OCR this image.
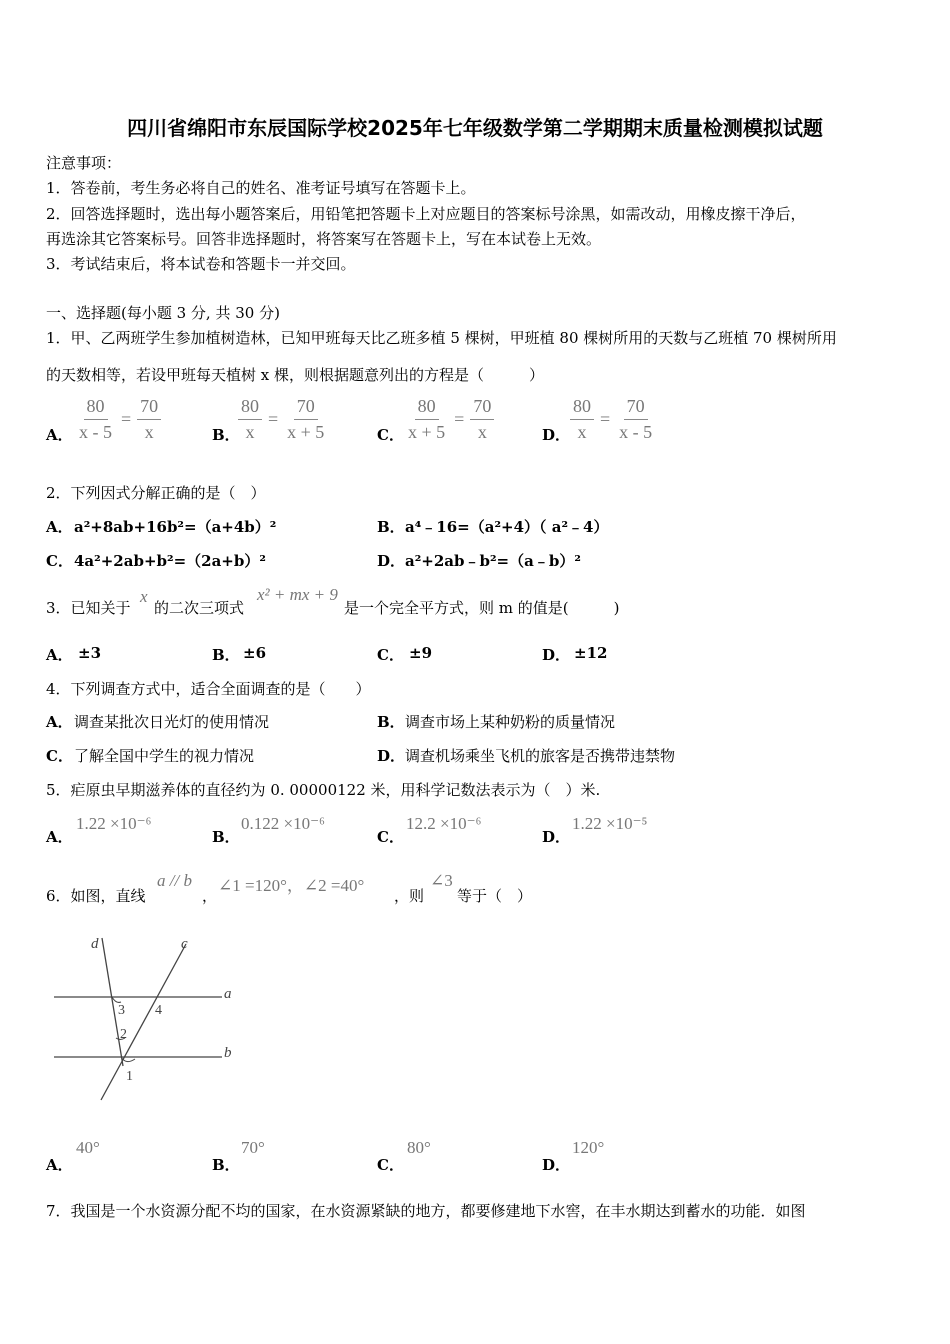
四川省绵阳市东辰国际学校2025年七年级数学第二学期期末质量检测模拟试题
注意事项：
1．答卷前，考生务必将自己的姓名、准考证号填写在答题卡上。
2．回答选择题时，选出每小题答案后，用铅笔把答题卡上对应题目的答案标号涂黑，如需改动，用橡皮擦干净后，
再选涂其它答案标号。回答非选择题时，将答案写在答题卡上，写在本试卷上无效。
3．考试结束后，将本试卷和答题卡一并交回。
一、选择题(每小题 3 分, 共 30 分)
1．甲、乙两班学生参加植树造林，已知甲班每天比乙班多植 5 棵树，甲班植 80 棵树所用的天数与乙班植 70 棵树所用
的天数相等，若设甲班每天植树 x 棵，则根据题意列出的方程是（　　　）
A． $\frac{80}{x - 5} = \frac{70}{x}$	B．
$\frac{80}{x} = \frac{70}{x + 5}$	C． $\frac{80}{x + 5} = \frac{70}{x}$	D． $\frac{80}{x} = \frac{70}{x - 5}$
2．下列因式分解正确的是（　）
A． a²+8ab+16b²=（a+4b）²	B． a⁴﹣16=（a²+4）（ a²﹣4）
C． 4a²+2ab+b²=（2a+b）²	D． a²+2ab﹣b²=（a﹣b）²
3．已知关于
x
的二次三项式
x² + mx + 9
是一个完全平方式，则 m 的值是(　　　)
A． ±3	B． ±6	C． ±9	D． ±12
4．下列调查方式中，适合全面调查的是（　　）
A． 调查某批次日光灯的使用情况	B． 调查市场上某种奶粉的质量情况
C． 了解全国中学生的视力情况	D． 调查机场乘坐飞机的旅客是否携带违禁物
5．疟原虫早期滋养体的直径约为 0. 00000122 米，用科学记数法表示为（　）米.
A．
1.22 ×10⁻⁶
B．
0.122 ×10⁻⁶
C．
12.2 ×10⁻⁶
D．
1.22 ×10⁻⁵
6．如图，直线
a // b
，
∠1 =120°，∠2 =40°
，则
∠3
等于（　）
d	c
a
b
3 4
2
1
A．
40°
B．
70°
C．
80°
D．
120°
7．我国是一个水资源分配不均的国家，在水资源紧缺的地方，都要修建地下水窖，在丰水期达到蓄水的功能．如图
